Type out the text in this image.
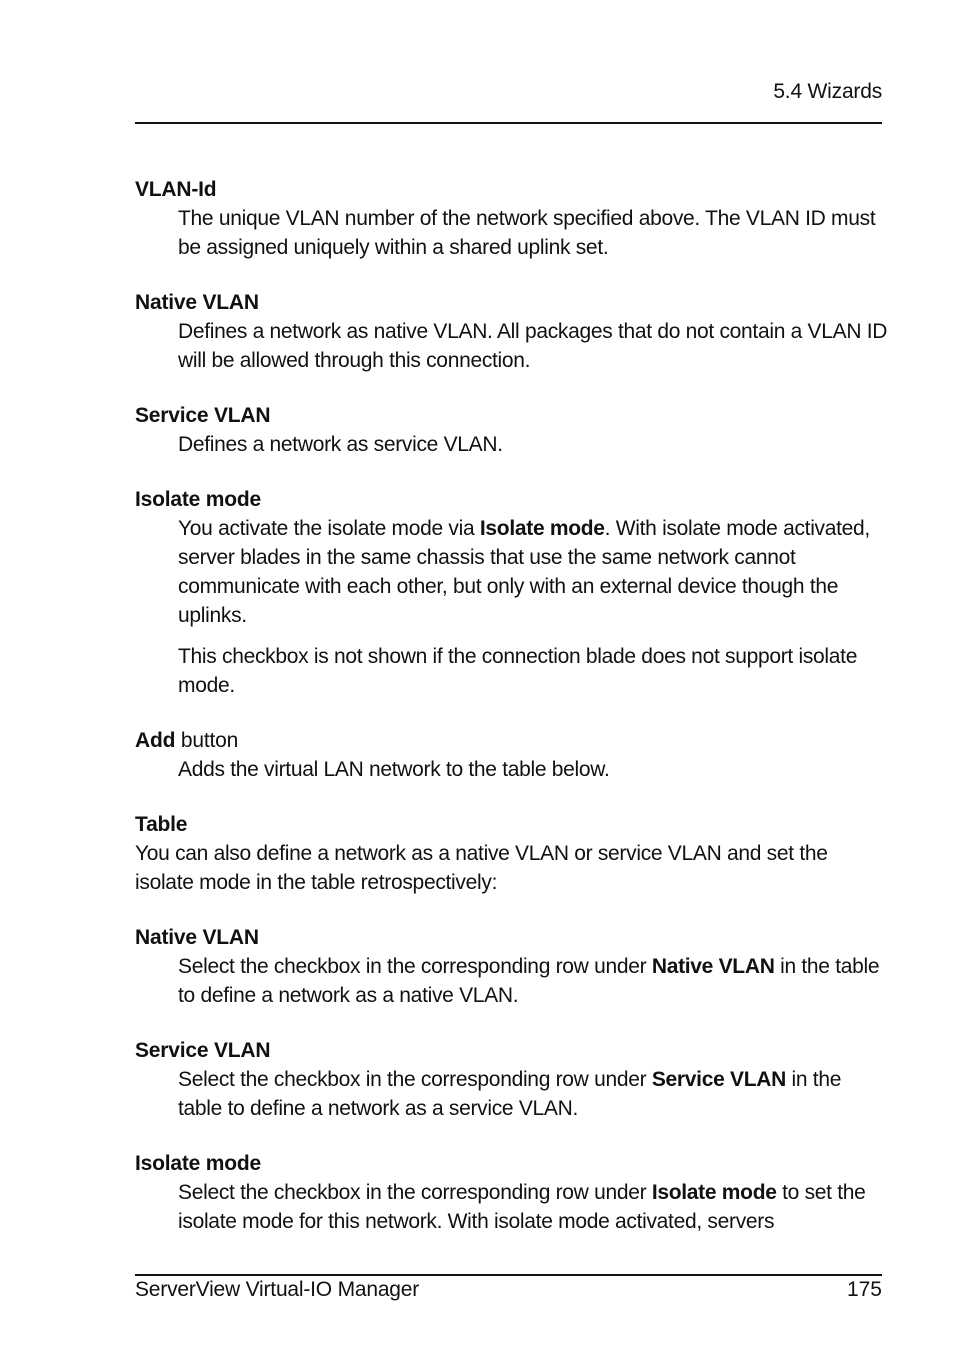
5.4 Wizards

VLAN-Id

The unique VLAN number of the network specified above. The VLAN ID must be assigned uniquely within a shared uplink set.

Native VLAN

Defines a network as native VLAN. All packages that do not contain a VLAN ID will be allowed through this connection.

Service VLAN

Defines a network as service VLAN.

Isolate mode

You activate the isolate mode via Isolate mode. With isolate mode activated, server blades in the same chassis that use the same network cannot communicate with each other, but only with an external device though the uplinks.

This checkbox is not shown if the connection blade does not support isolate mode.

Add button

Adds the virtual LAN network to the table below.

Table

You can also define a network as a native VLAN or service VLAN and set the isolate mode in the table retrospectively:

Native VLAN

Select the checkbox in the corresponding row under Native VLAN in the table to define a network as a native VLAN.

Service VLAN

Select the checkbox in the corresponding row under Service VLAN in the table to define a network as a service VLAN.

Isolate mode

Select the checkbox in the corresponding row under Isolate mode to set the isolate mode for this network. With isolate mode activated, servers

ServerView Virtual-IO Manager	175
